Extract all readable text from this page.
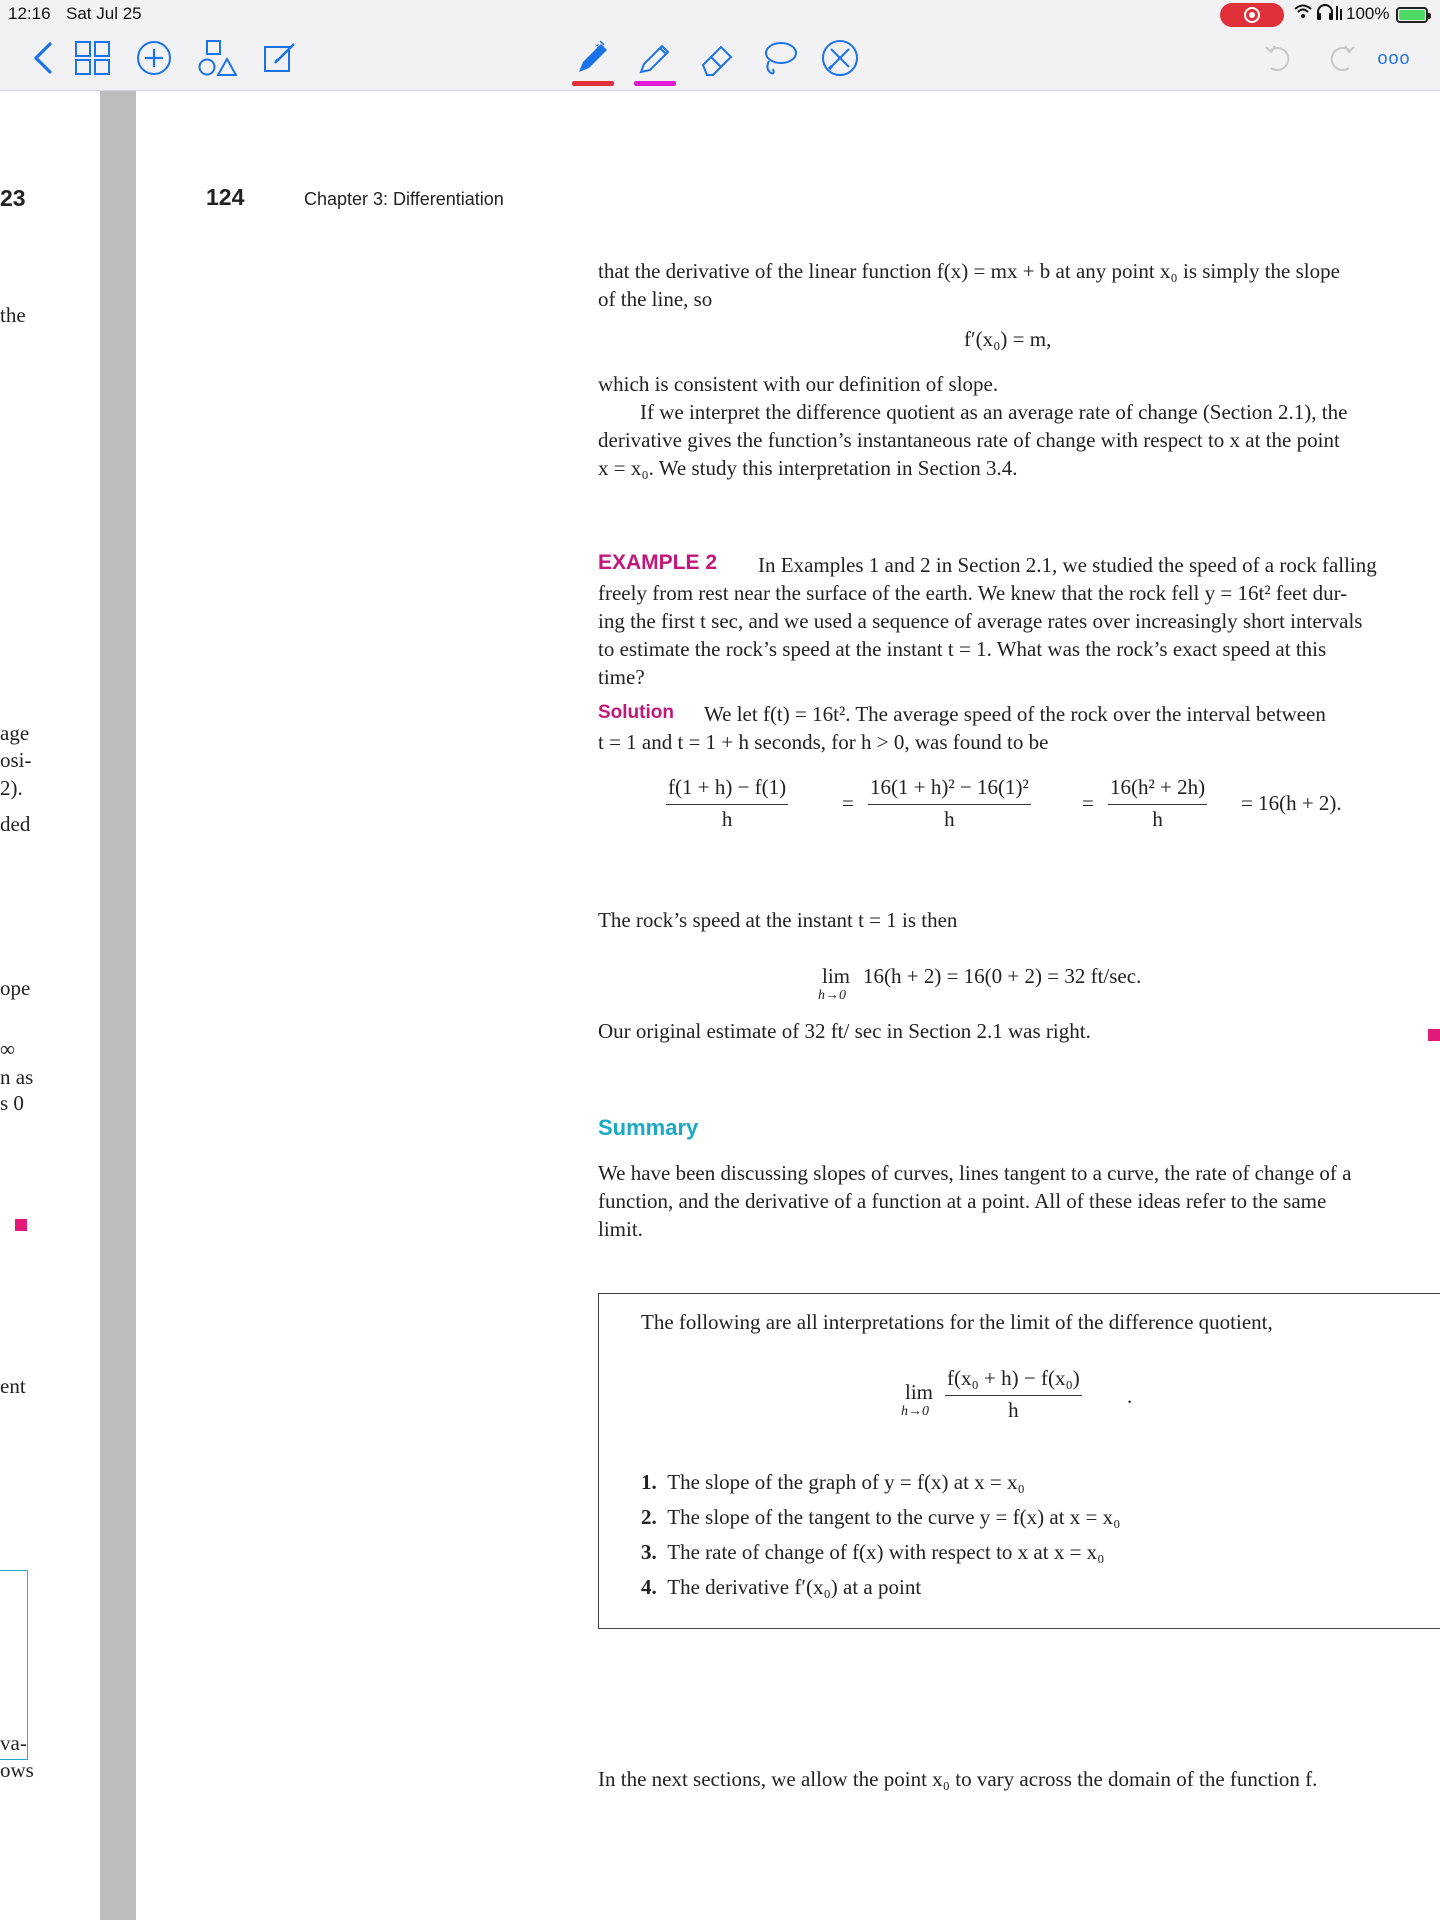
12:16 Sat Jul 25	100%
*	ooo
23
the
age
osi-
2).
ded
ope
∞
n as
s 0
ent
va-
ows
124	Chapter 3: Differentiation
that the derivative of the linear function f(x) = mx + b at any point x₀ is simply the slope
of the line, so
f′(x₀) = m,
which is consistent with our definition of slope.
If we interpret the difference quotient as an average rate of change (Section 2.1), the
derivative gives the function’s instantaneous rate of change with respect to x at the point
x = x₀. We study this interpretation in Section 3.4.
EXAMPLE 2	In Examples 1 and 2 in Section 2.1, we studied the speed of a rock falling
freely from rest near the surface of the earth. We knew that the rock fell y = 16t² feet dur-
ing the first t sec, and we used a sequence of average rates over increasingly short intervals
to estimate the rock’s speed at the instant t = 1. What was the rock’s exact speed at this
time?
Solution	We let f(t) = 16t². The average speed of the rock over the interval between
t = 1 and t = 1 + h seconds, for h > 0, was found to be
$\frac{f(1 + h) - f(1)}{h}$	= $\frac{\text{16(1 + h)² − 16(1)²}}{h} = \frac{\text{16(h² + 2h)}}{h} = 16(h + 2)$.
The rock’s speed at the instant t = 1 is then
lim
h→0
16(h + 2) = 16(0 + 2) = 32 ft/sec.
Our original estimate of 32 ft/ sec in Section 2.1 was right.
Summary
We have been discussing slopes of curves, lines tangent to a curve, the rate of change of a
function, and the derivative of a function at a point. All of these ideas refer to the same
limit.
The following are all interpretations for the limit of the difference quotient,
lim
$h\to 0 \frac{\text{f(x₀ + h) − f(x₀)}}{h}$ .
1. The slope of the graph of y = f(x) at x = x₀
2. The slope of the tangent to the curve y = f(x) at x = x₀
3. The rate of change of f(x) with respect to x at x = x₀
4. The derivative f′(x₀) at a point
In the next sections, we allow the point x₀ to vary across the domain of the function f.
